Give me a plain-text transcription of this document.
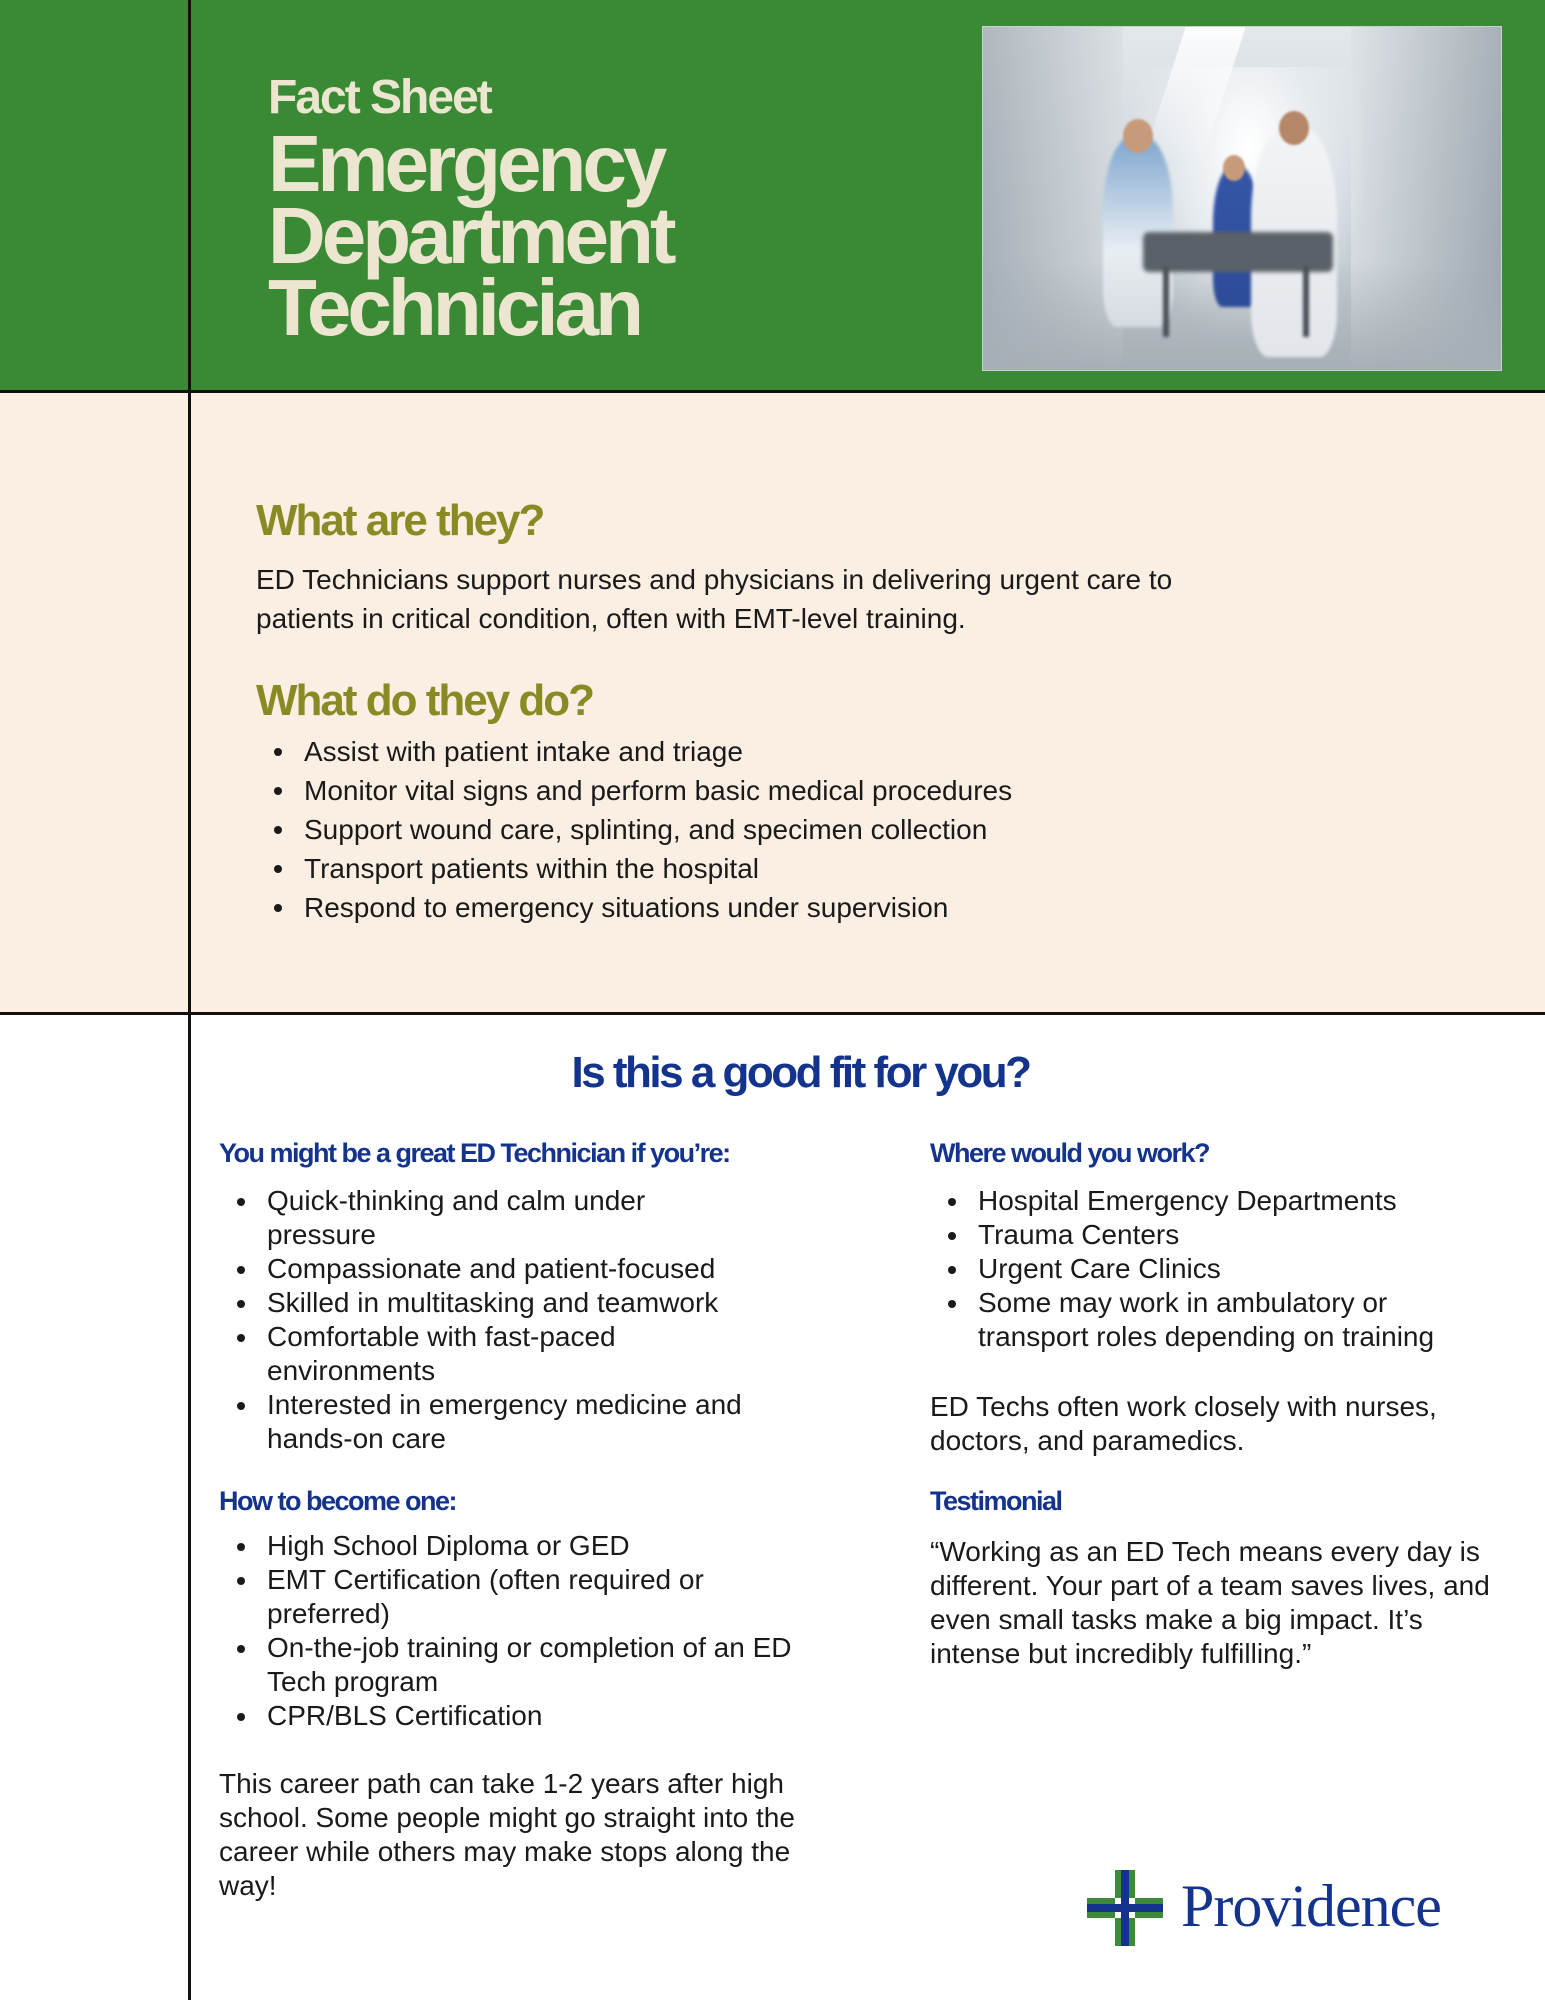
Fact Sheet
Emergency
Department
Technician
What are they?
ED Technicians support nurses and physicians in delivering urgent care to
patients in critical condition, often with EMT-level training.
What do they do?
Assist with patient intake and triage
Monitor vital signs and perform basic medical procedures
Support wound care, splinting, and specimen collection
Transport patients within the hospital
Respond to emergency situations under supervision
Is this a good fit for you?
You might be a great ED Technician if you’re:
Quick-thinking and calm under pressure
Compassionate and patient-focused
Skilled in multitasking and teamwork
Comfortable with fast-paced environments
Interested in emergency medicine and hands-on care
How to become one:
High School Diploma or GED
EMT Certification (often required or preferred)
On-the-job training or completion of an ED Tech program
CPR/BLS Certification
This career path can take 1-2 years after high school. Some people might go straight into the career while others may make stops along the way!
Where would you work?
Hospital Emergency Departments
Trauma Centers
Urgent Care Clinics
Some may work in ambulatory or transport roles depending on training
ED Techs often work closely with nurses, doctors, and paramedics.
Testimonial
“Working as an ED Tech means every day is different. Your part of a team saves lives, and even small tasks make a big impact. It’s intense but incredibly fulfilling.”
Providence
